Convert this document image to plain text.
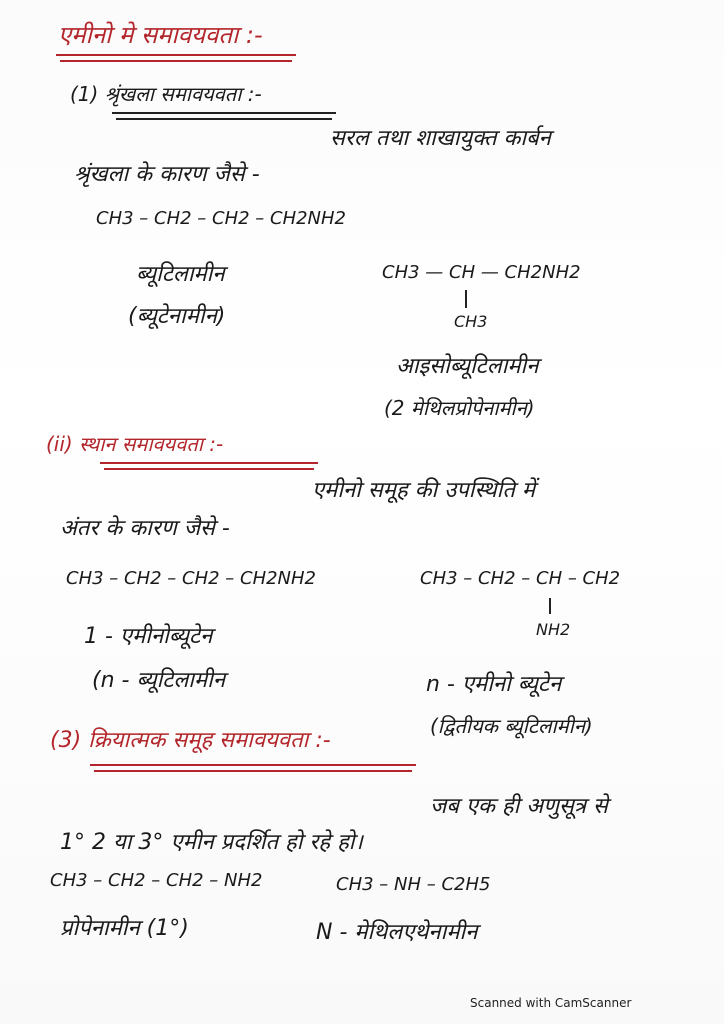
एमीनो मे समावयवता :-
(1) श्रृंखला समावयवता :-
सरल तथा शाखायुक्त कार्बन
श्रृंखला के कारण जैसे -
CH3 – CH2 – CH2 – CH2NH2
ब्यूटिलामीन
(ब्यूटेनामीन)
CH3 — CH — CH2NH2
CH3
आइसोब्यूटिलामीन
(2 मेथिलप्रोपेनामीन)
(ii) स्थान समावयवता :-
एमीनो समूह की उपस्थिति में
अंतर के कारण जैसे -
CH3 – CH2 – CH2 – CH2NH2
1 - एमीनोब्यूटेन
(n - ब्यूटिलामीन
CH3 – CH2 – CH – CH2
NH2
n - एमीनो ब्यूटेन
(द्वितीयक ब्यूटिलामीन)
(3) क्रियात्मक समूह समावयवता :-
जब एक ही अणुसूत्र से
1° 2 या 3° एमीन प्रदर्शित हो रहे हो।
CH3 – CH2 – CH2 – NH2	CH3 – NH – C2H5
प्रोपेनामीन (1°)	N - मेथिलएथेनामीन
Scanned with CamScanner
